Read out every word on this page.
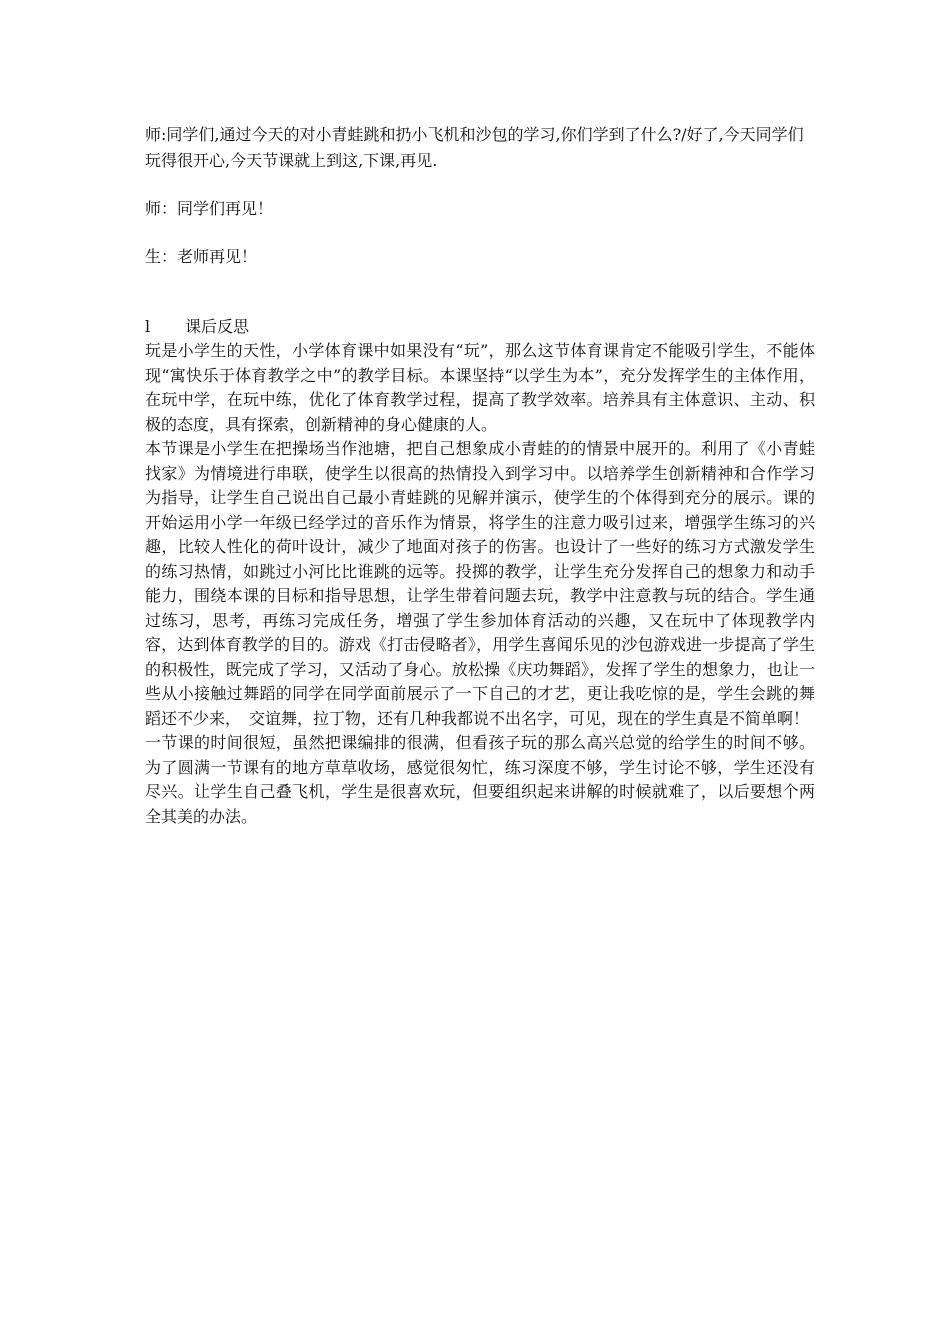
师:同学们,通过今天的对小青蛙跳和扔小飞机和沙包的学习,你们学到了什么?/好了,今天同学们玩得很开心,今天节课就上到这,下课,再见.

师：同学们再见！

生：老师再见！

l	课后反思

玩是小学生的天性，小学体育课中如果没有“玩”，那么这节体育课肯定不能吸引学生，不能体现“寓快乐于体育教学之中”的教学目标。本课坚持“以学生为本”，充分发挥学生的主体作用，在玩中学，在玩中练，优化了体育教学过程，提高了教学效率。培养具有主体意识、主动、积极的态度，具有探索，创新精神的身心健康的人。

本节课是小学生在把操场当作池塘，把自己想象成小青蛙的的情景中展开的。利用了《小青蛙找家》为情境进行串联，使学生以很高的热情投入到学习中。以培养学生创新精神和合作学习为指导，让学生自己说出自己最小青蛙跳的见解并演示，使学生的个体得到充分的展示。课的开始运用小学一年级已经学过的音乐作为情景，将学生的注意力吸引过来，增强学生练习的兴趣，比较人性化的荷叶设计，减少了地面对孩子的伤害。也设计了一些好的练习方式激发学生的练习热情，如跳过小河比比谁跳的远等。投掷的教学，让学生充分发挥自己的想象力和动手能力，围绕本课的目标和指导思想，让学生带着问题去玩，教学中注意教与玩的结合。学生通过练习，思考，再练习完成任务，增强了学生参加体育活动的兴趣，又在玩中了体现教学内容，达到体育教学的目的。游戏《打击侵略者》，用学生喜闻乐见的沙包游戏进一步提高了学生的积极性，既完成了学习，又活动了身心。放松操《庆功舞蹈》，发挥了学生的想象力，也让一些从小接触过舞蹈的同学在同学面前展示了一下自己的才艺，更让我吃惊的是，学生会跳的舞蹈还不少来，　交谊舞，拉丁物，还有几种我都说不出名字，可见，现在的学生真是不简单啊！

一节课的时间很短，虽然把课编排的很满，但看孩子玩的那么高兴总觉的给学生的时间不够。为了圆满一节课有的地方草草收场，感觉很匆忙，练习深度不够，学生讨论不够，学生还没有尽兴。让学生自己叠飞机，学生是很喜欢玩，但要组织起来讲解的时候就难了，以后要想个两全其美的办法。
